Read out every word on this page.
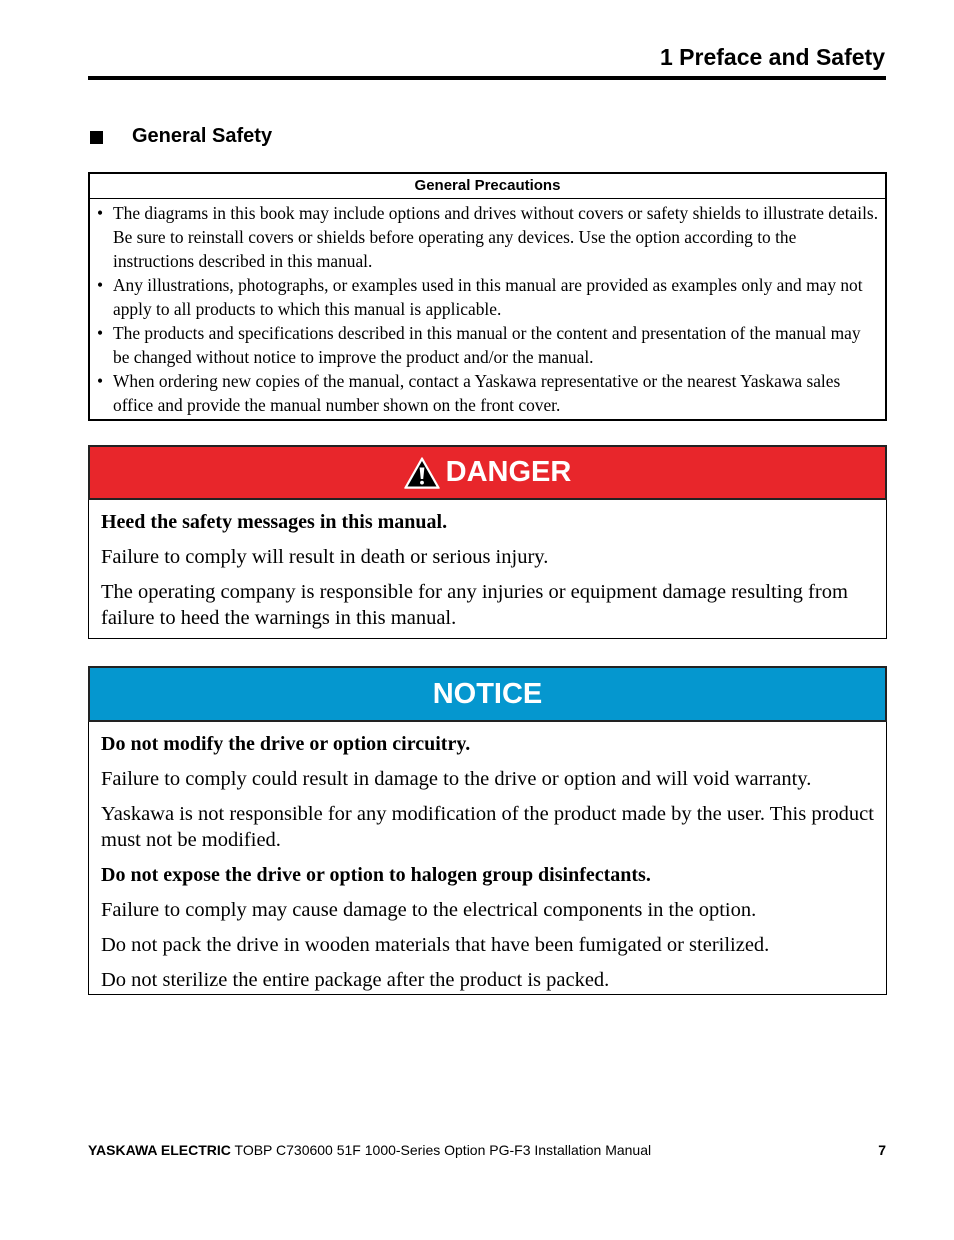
1 Preface and Safety
General Safety
General Precautions
• The diagrams in this book may include options and drives without covers or safety shields to illustrate details. Be sure to reinstall covers or shields before operating any devices. Use the option according to the instructions described in this manual.
• Any illustrations, photographs, or examples used in this manual are provided as examples only and may not apply to all products to which this manual is applicable.
• The products and specifications described in this manual or the content and presentation of the manual may be changed without notice to improve the product and/or the manual.
• When ordering new copies of the manual, contact a Yaskawa representative or the nearest Yaskawa sales office and provide the manual number shown on the front cover.
DANGER

Heed the safety messages in this manual.

Failure to comply will result in death or serious injury.

The operating company is responsible for any injuries or equipment damage resulting from failure to heed the warnings in this manual.

NOTICE

Do not modify the drive or option circuitry.

Failure to comply could result in damage to the drive or option and will void warranty.

Yaskawa is not responsible for any modification of the product made by the user. This product must not be modified.

Do not expose the drive or option to halogen group disinfectants.

Failure to comply may cause damage to the electrical components in the option.

Do not pack the drive in wooden materials that have been fumigated or sterilized.

Do not sterilize the entire package after the product is packed.

YASKAWA ELECTRIC TOBP C730600 51F 1000-Series Option PG-F3 Installation Manual	7
